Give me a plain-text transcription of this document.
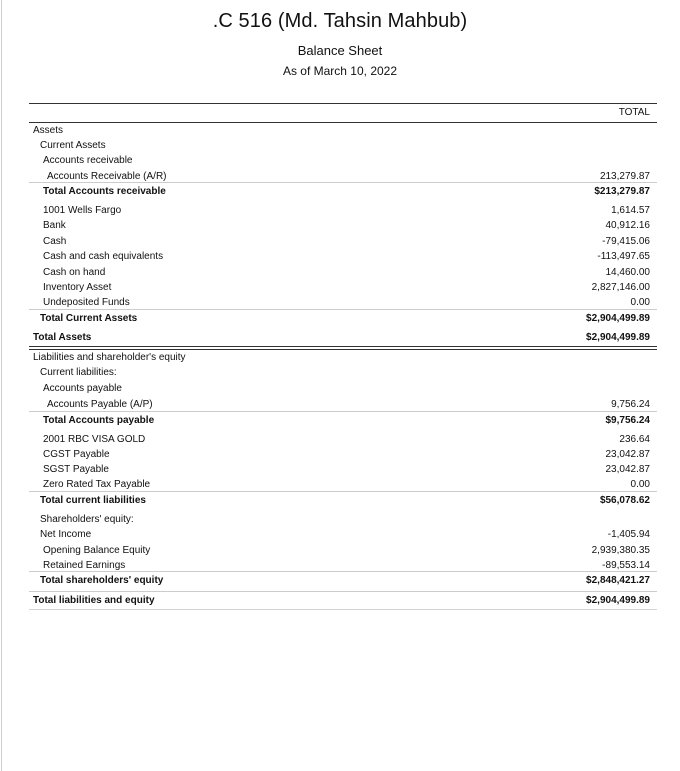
.C 516 (Md. Tahsin Mahbub)
Balance Sheet
As of March 10, 2022
TOTAL
Assets
Current Assets
Accounts receivable
Accounts Receivable (A/R)	213,279.87
Total Accounts receivable	$213,279.87
1001 Wells Fargo	1,614.57
Bank	40,912.16
Cash	-79,415.06
Cash and cash equivalents	-113,497.65
Cash on hand	14,460.00
Inventory Asset	2,827,146.00
Undeposited Funds	0.00
Total Current Assets	$2,904,499.89
Total Assets	$2,904,499.89
Liabilities and shareholder's equity
Current liabilities:
Accounts payable
Accounts Payable (A/P)	9,756.24
Total Accounts payable	$9,756.24
2001 RBC VISA GOLD	236.64
CGST Payable	23,042.87
SGST Payable	23,042.87
Zero Rated Tax Payable	0.00
Total current liabilities	$56,078.62
Shareholders' equity:
Net Income	-1,405.94
Opening Balance Equity	2,939,380.35
Retained Earnings	-89,553.14
Total shareholders' equity	$2,848,421.27
Total liabilities and equity	$2,904,499.89
